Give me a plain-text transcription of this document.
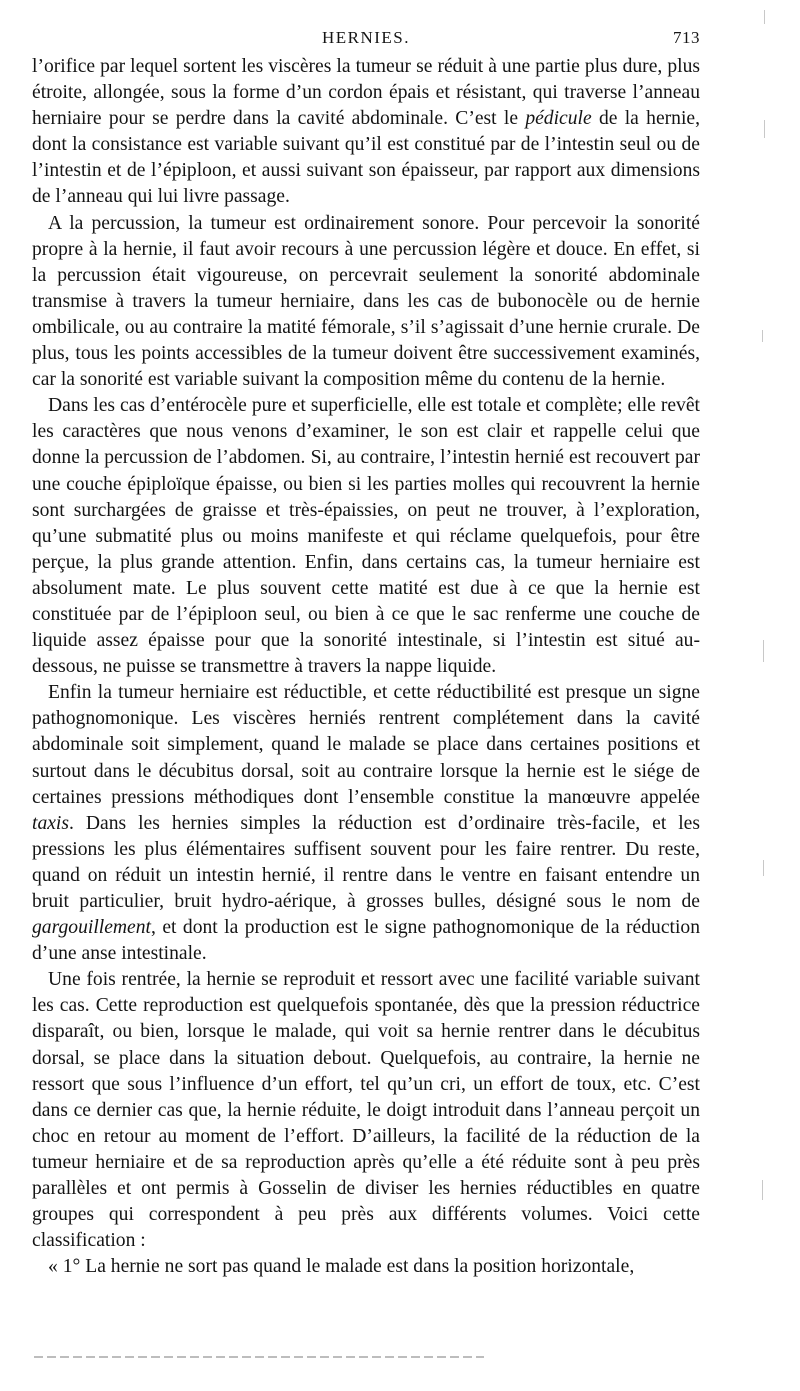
HERNIES.	713

l’orifice par lequel sortent les viscères la tumeur se réduit à une partie plus dure, plus étroite, allongée, sous la forme d’un cordon épais et résistant, qui traverse l’anneau herniaire pour se perdre dans la cavité abdominale. C’est le pédicule de la hernie, dont la consistance est variable suivant qu’il est constitué par de l’intestin seul ou de l’intestin et de l’épiploon, et aussi suivant son épaisseur, par rapport aux dimensions de l’anneau qui lui livre passage.

A la percussion, la tumeur est ordinairement sonore. Pour percevoir la sonorité propre à la hernie, il faut avoir recours à une percussion légère et douce. En effet, si la percussion était vigoureuse, on percevrait seulement la sonorité abdominale transmise à travers la tumeur herniaire, dans les cas de bubonocèle ou de hernie ombilicale, ou au contraire la matité fémorale, s’il s’agissait d’une hernie crurale. De plus, tous les points accessibles de la tumeur doivent être successivement examinés, car la sonorité est variable suivant la composition même du contenu de la hernie.

Dans les cas d’entérocèle pure et superficielle, elle est totale et complète; elle revêt les caractères que nous venons d’examiner, le son est clair et rappelle celui que donne la percussion de l’abdomen. Si, au contraire, l’intestin hernié est recouvert par une couche épiploïque épaisse, ou bien si les parties molles qui recouvrent la hernie sont surchargées de graisse et très-épaissies, on peut ne trouver, à l’exploration, qu’une submatité plus ou moins manifeste et qui réclame quelquefois, pour être perçue, la plus grande attention. Enfin, dans certains cas, la tumeur herniaire est absolument mate. Le plus souvent cette matité est due à ce que la hernie est constituée par de l’épiploon seul, ou bien à ce que le sac renferme une couche de liquide assez épaisse pour que la sonorité intestinale, si l’intestin est situé au-dessous, ne puisse se transmettre à travers la nappe liquide.

Enfin la tumeur herniaire est réductible, et cette réductibilité est presque un signe pathognomonique. Les viscères herniés rentrent complétement dans la cavité abdominale soit simplement, quand le malade se place dans certaines positions et surtout dans le décubitus dorsal, soit au contraire lorsque la hernie est le siége de certaines pressions méthodiques dont l’ensemble constitue la manœuvre appelée taxis. Dans les hernies simples la réduction est d’ordinaire très-facile, et les pressions les plus élémentaires suffisent souvent pour les faire rentrer. Du reste, quand on réduit un intestin hernié, il rentre dans le ventre en faisant entendre un bruit particulier, bruit hydro-aérique, à grosses bulles, désigné sous le nom de gargouillement, et dont la production est le signe pathognomonique de la réduction d’une anse intestinale.

Une fois rentrée, la hernie se reproduit et ressort avec une facilité variable suivant les cas. Cette reproduction est quelquefois spontanée, dès que la pression réductrice disparaît, ou bien, lorsque le malade, qui voit sa hernie rentrer dans le décubitus dorsal, se place dans la situation debout. Quelquefois, au contraire, la hernie ne ressort que sous l’influence d’un effort, tel qu’un cri, un effort de toux, etc. C’est dans ce dernier cas que, la hernie réduite, le doigt introduit dans l’anneau perçoit un choc en retour au moment de l’effort. D’ailleurs, la facilité de la réduction de la tumeur herniaire et de sa reproduction après qu’elle a été réduite sont à peu près parallèles et ont permis à Gosselin de diviser les hernies réductibles en quatre groupes qui correspondent à peu près aux différents volumes. Voici cette classification :

« 1° La hernie ne sort pas quand le malade est dans la position horizontale,
